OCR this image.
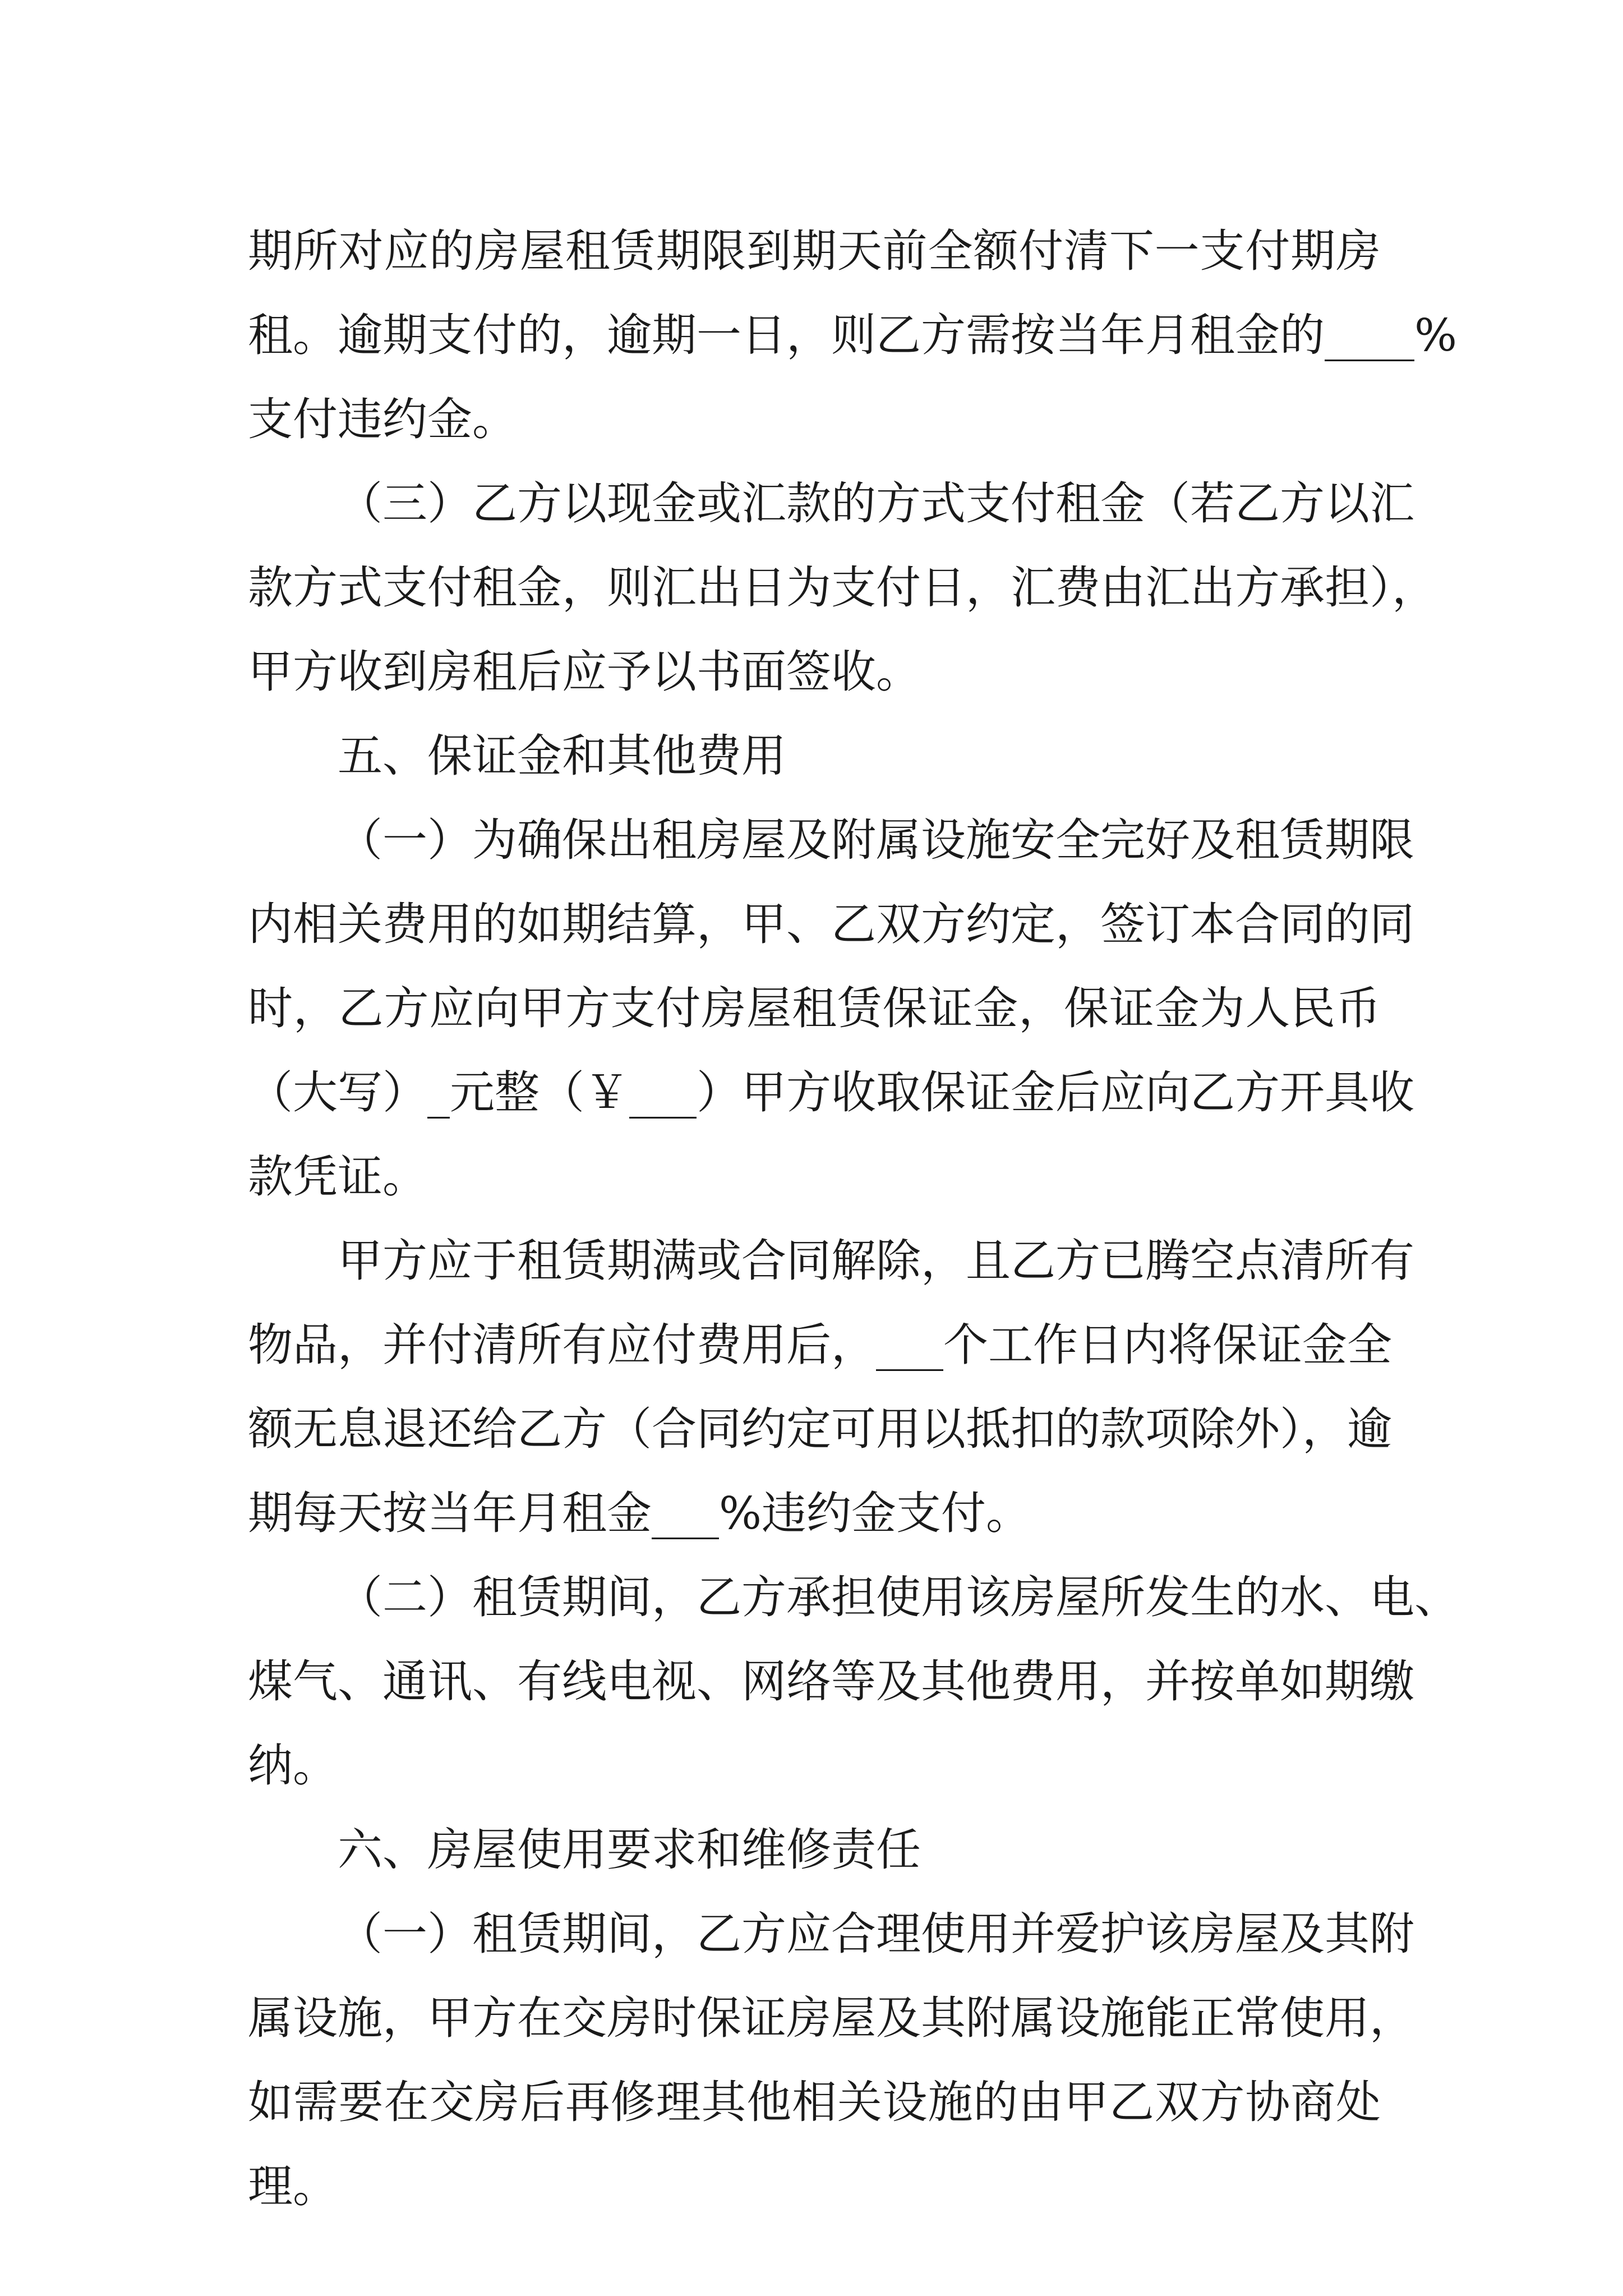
期所对应的房屋租赁期限到期天前全额付清下一支付期房
租。逾期支付的，逾期一日，则乙方需按当年月租金的____%
支付违约金。
（三）乙方以现金或汇款的方式支付租金（若乙方以汇
款方式支付租金，则汇出日为支付日，汇费由汇出方承担），
甲方收到房租后应予以书面签收。
五、保证金和其他费用
（一）为确保出租房屋及附属设施安全完好及租赁期限
内相关费用的如期结算，甲、乙双方约定，签订本合同的同
时，乙方应向甲方支付房屋租赁保证金，保证金为人民币
（大写）_元整（￥___）甲方收取保证金后应向乙方开具收
款凭证。
甲方应于租赁期满或合同解除，且乙方已腾空点清所有
物品，并付清所有应付费用后，___个工作日内将保证金全
额无息退还给乙方（合同约定可用以抵扣的款项除外），逾
期每天按当年月租金___%违约金支付。
（二）租赁期间，乙方承担使用该房屋所发生的水、电、
煤气、通讯、有线电视、网络等及其他费用，并按单如期缴
纳。
六、房屋使用要求和维修责任
（一）租赁期间，乙方应合理使用并爱护该房屋及其附
属设施，甲方在交房时保证房屋及其附属设施能正常使用，
如需要在交房后再修理其他相关设施的由甲乙双方协商处
理。
